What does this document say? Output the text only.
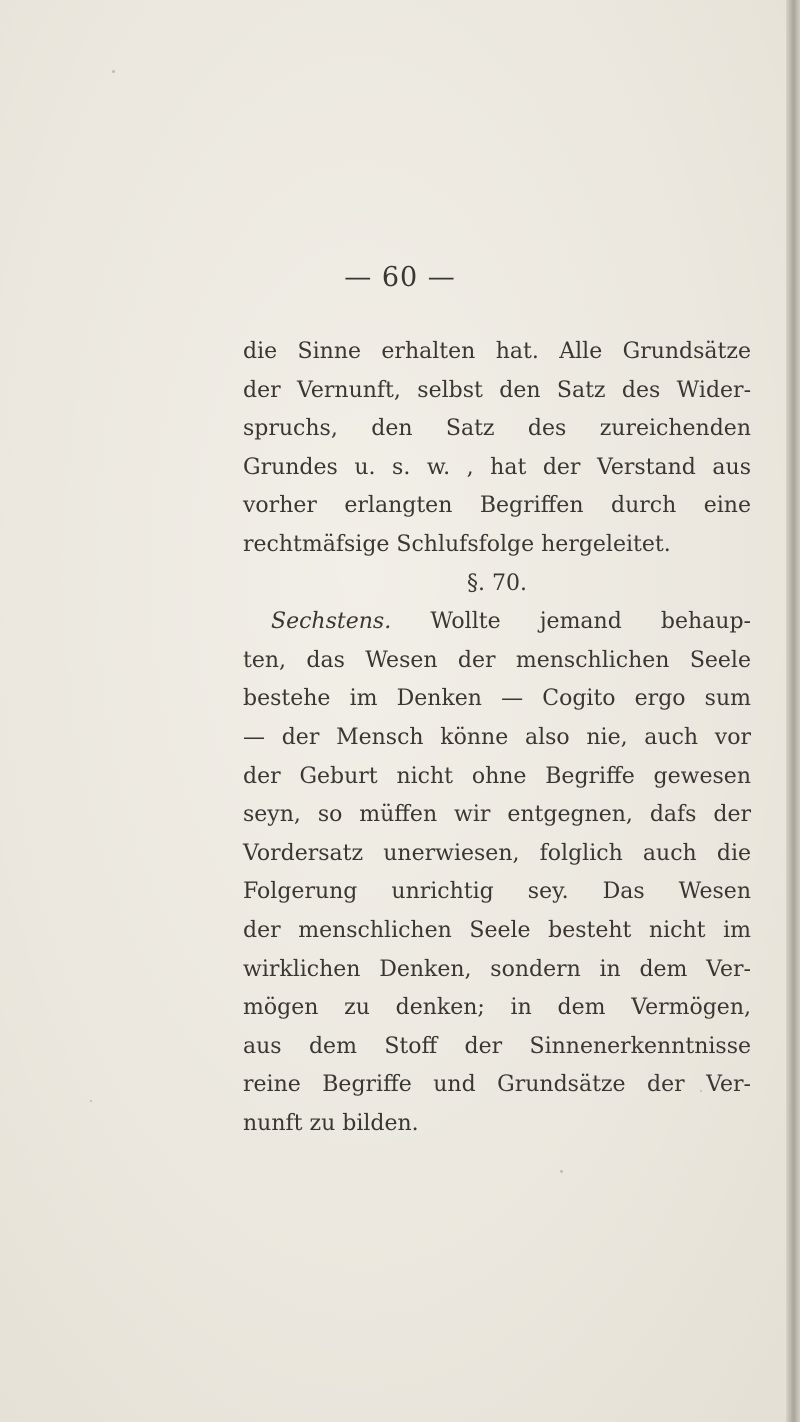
— 60 —
die Sinne erhalten hat. Alle Grundsätze
der Vernunft, selbst den Satz des Wider-
spruchs, den Satz des zureichenden
Grundes u. s. w. , hat der Verstand aus
vorher erlangten Begriffen durch eine
rechtmäfsige Schlufsfolge hergeleitet.
§. 70.
Sechstens. Wollte jemand behaup-
ten, das Wesen der menschlichen Seele
bestehe im Denken — Cogito ergo sum
— der Mensch könne also nie, auch vor
der Geburt nicht ohne Begriffe gewesen
seyn, so müffen wir entgegnen, dafs der
Vordersatz unerwiesen, folglich auch die
Folgerung unrichtig sey. Das Wesen
der menschlichen Seele besteht nicht im
wirklichen Denken, sondern in dem Ver-
mögen zu denken; in dem Vermögen,
aus dem Stoff der Sinnenerkenntnisse
reine Begriffe und Grundsätze der Ver-
nunft zu bilden.
